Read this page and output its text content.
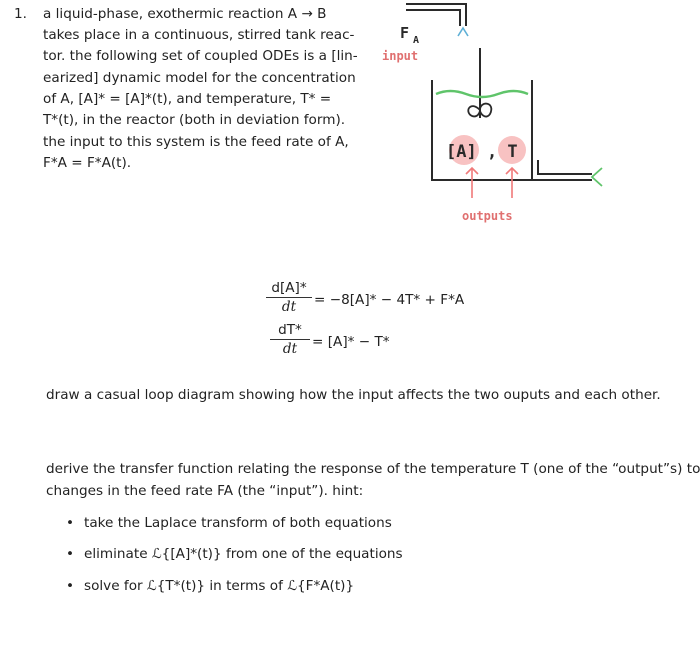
1. a liquid-phase, exothermic reaction A → B
takes place in a continuous, stirred tank reac-
tor. the following set of coupled ODEs is a [lin-
earized] dynamic model for the concentration
of A, [A]* = [A]*(t), and temperature, T* =
T*(t), in the reactor (both in deviation form).
the input to this system is the feed rate of A,
F*A = F*A(t).
F A
input
[A] , T
outputs
$\frac{d[A]*}{dt} = -8[A]* - 4T* + F*A$
$\frac{dT*}{dt} = [A]* - T*$
draw a casual loop diagram showing how the input affects the two ouputs and each other.
derive the transfer function relating the response of the temperature T (one of the “output”s) to
changes in the feed rate FA (the “input”). hint:
• take the Laplace transform of both equations
• eliminate ℒ{[A]*(t)} from one of the equations
• solve for ℒ{T*(t)} in terms of ℒ{F*A(t)}
